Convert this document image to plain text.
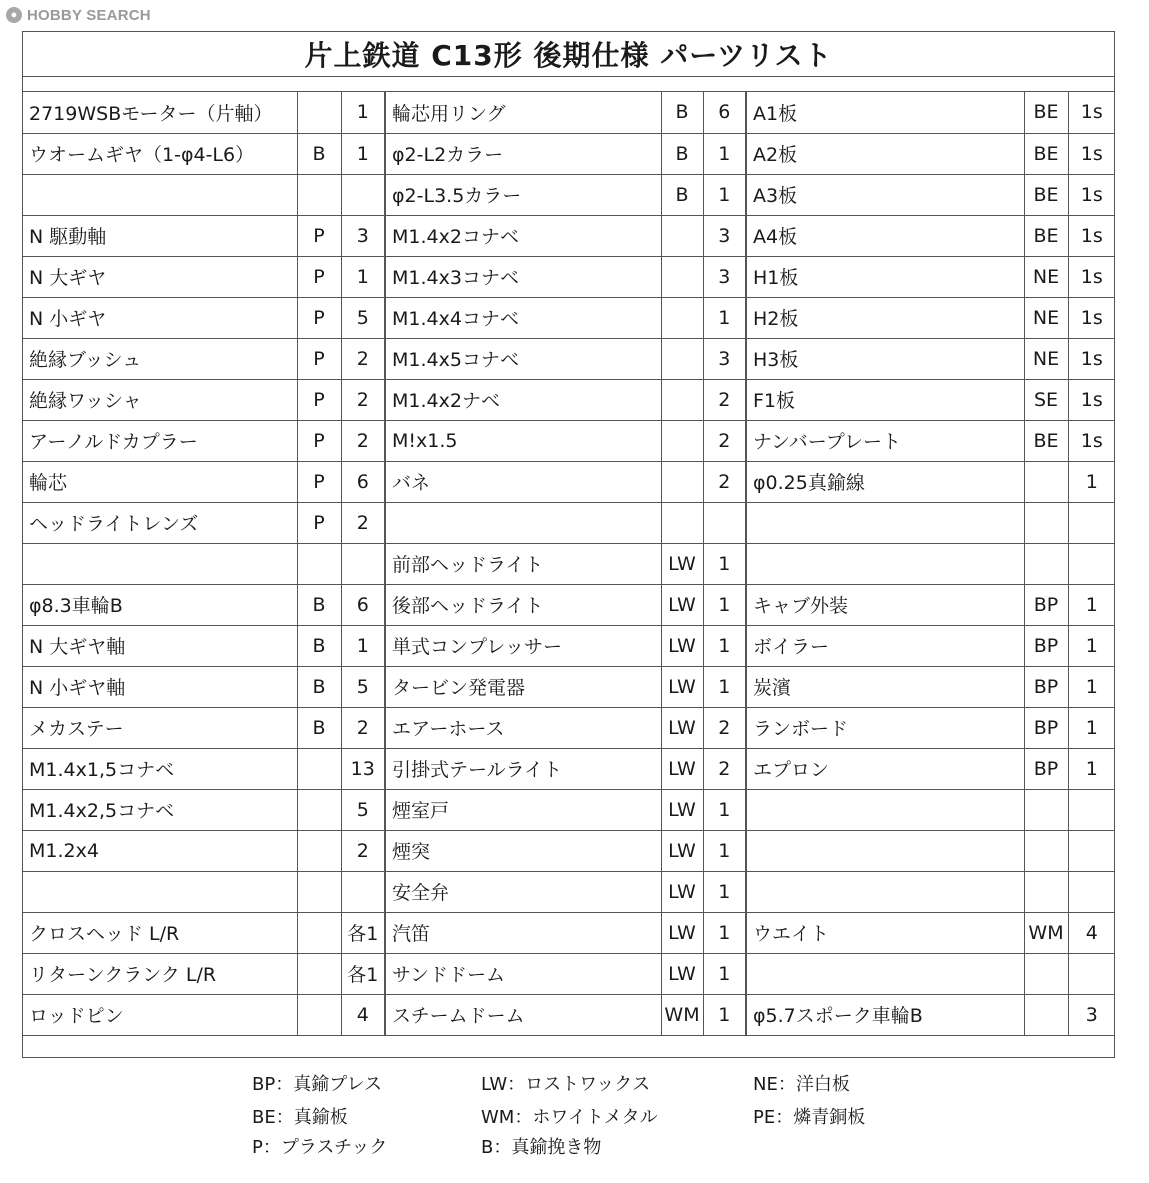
● HOBBY SEARCH
片上鉄道 C13形 後期仕様 パーツリスト
2719WSBモーター（片軸）		1	輪芯用リング	B	6	A1板	BE	1s
ウオームギヤ（1-φ4-L6）	B	1	φ2-L2カラー	B	1	A2板	BE	1s
			φ2-L3.5カラー	B	1	A3板	BE	1s
N 駆動軸	P	3	M1.4x2コナベ		3	A4板	BE	1s
N 大ギヤ	P	1	M1.4x3コナベ		3	H1板	NE	1s
N 小ギヤ	P	5	M1.4x4コナベ		1	H2板	NE	1s
絶縁ブッシュ	P	2	M1.4x5コナベ		3	H3板	NE	1s
絶縁ワッシャ	P	2	M1.4x2ナベ		2	F1板	SE	1s
アーノルドカプラー	P	2	M!x1.5		2	ナンバープレート	BE	1s
輪芯	P	6	バネ		2	φ0.25真鍮線		1
ヘッドライトレンズ	P	2						
			前部ヘッドライト	LW	1			
φ8.3車輪B	B	6	後部ヘッドライト	LW	1	キャブ外装	BP	1
N 大ギヤ軸	B	1	単式コンプレッサー	LW	1	ボイラー	BP	1
N 小ギヤ軸	B	5	タービン発電器	LW	1	炭濱	BP	1
メカステー	B	2	エアーホース	LW	2	ランボード	BP	1
M1.4x1,5コナベ		13	引掛式テールライト	LW	2	エプロン	BP	1
M1.4x2,5コナベ		5	煙室戸	LW	1			
M1.2x4		2	煙突	LW	1			
			安全弁	LW	1			
クロスヘッド L/R		各1	汽笛	LW	1	ウエイト	WM	4
リターンクランク L/R		各1	サンドドーム	LW	1			
ロッドピン		4	スチームドーム	WM	1	φ5.7スポーク車輪B		3
BP：真鍮プレス	LW：ロストワックス	NE：洋白板
BE：真鍮板	WM：ホワイトメタル	PE：燐青銅板
P：プラスチック	B：真鍮挽き物
